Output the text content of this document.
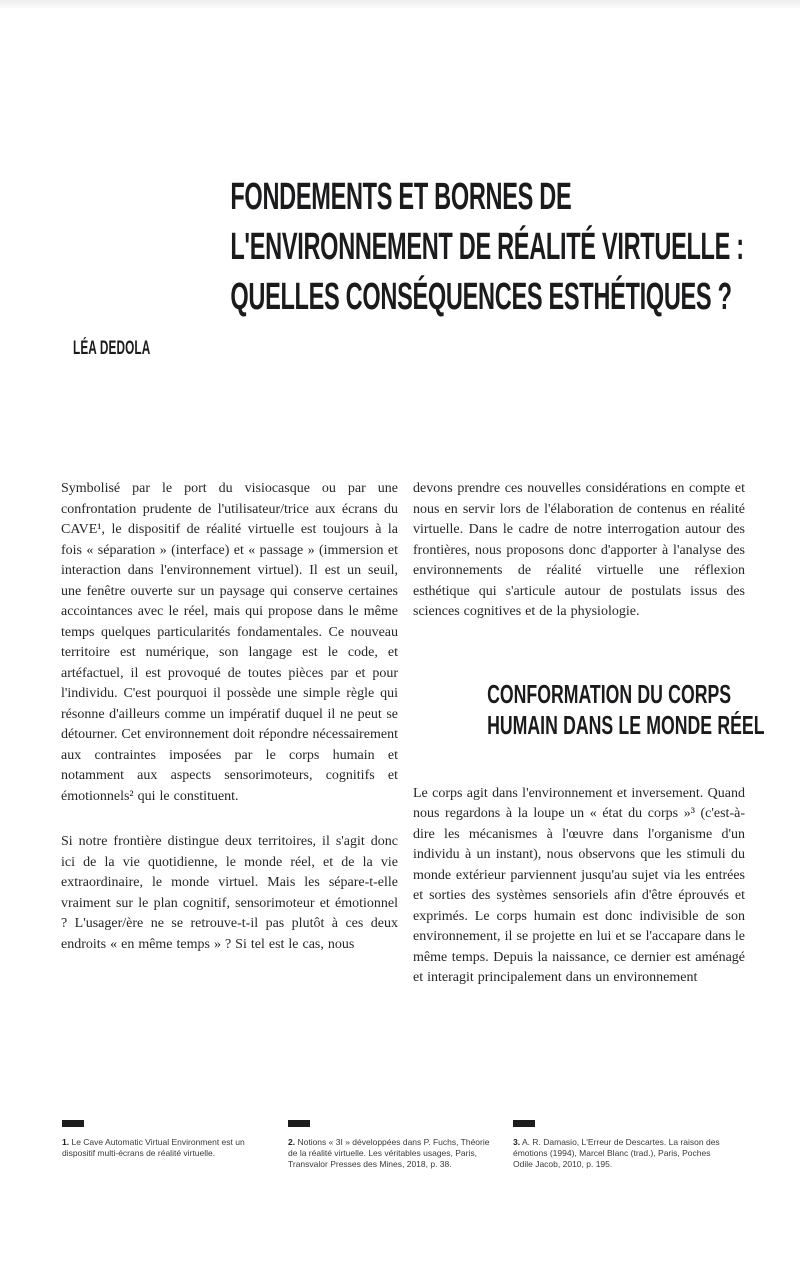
FONDEMENTS ET BORNES DE
L'ENVIRONNEMENT DE RÉALITÉ VIRTUELLE :
QUELLES CONSÉQUENCES ESTHÉTIQUES ?
LÉA DEDOLA

Symbolisé par le port du visiocasque ou par une confrontation prudente de l'utilisateur/trice aux écrans du CAVE¹, le dispositif de réalité virtuelle est toujours à la fois « séparation » (interface) et « passage » (immersion et interaction dans l'environnement virtuel). Il est un seuil, une fenêtre ouverte sur un paysage qui conserve certaines accointances avec le réel, mais qui propose dans le même temps quelques particularités fondamentales. Ce nouveau territoire est numérique, son langage est le code, et artéfactuel, il est provoqué de toutes pièces par et pour l'individu. C'est pourquoi il possède une simple règle qui résonne d'ailleurs comme un impératif duquel il ne peut se détourner. Cet environnement doit répondre nécessairement aux contraintes imposées par le corps humain et notamment aux aspects sensorimoteurs, cognitifs et émotionnels² qui le constituent.

Si notre frontière distingue deux territoires, il s'agit donc ici de la vie quotidienne, le monde réel, et de la vie extraordinaire, le monde virtuel. Mais les sépare-t-elle vraiment sur le plan cognitif, sensorimoteur et émotionnel ? L'usager/ère ne se retrouve-t-il pas plutôt à ces deux endroits « en même temps » ? Si tel est le cas, nous

devons prendre ces nouvelles considérations en compte et nous en servir lors de l'élaboration de contenus en réalité virtuelle. Dans le cadre de notre interrogation autour des frontières, nous proposons donc d'apporter à l'analyse des environnements de réalité virtuelle une réflexion esthétique qui s'articule autour de postulats issus des sciences cognitives et de la physiologie.

CONFORMATION DU CORPS
HUMAIN DANS LE MONDE RÉEL

Le corps agit dans l'environnement et inversement. Quand nous regardons à la loupe un « état du corps »³ (c'est-à-dire les mécanismes à l'œuvre dans l'organisme d'un individu à un instant), nous observons que les stimuli du monde extérieur parviennent jusqu'au sujet via les entrées et sorties des systèmes sensoriels afin d'être éprouvés et exprimés. Le corps humain est donc indivisible de son environnement, il se projette en lui et se l'accapare dans le même temps. Depuis la naissance, ce dernier est aménagé et interagit principalement dans un environnement

1. Le Cave Automatic Virtual Environment est un dispositif multi-écrans de réalité virtuelle.
2. Notions « 3I » développées dans P. Fuchs, Théorie de la réalité virtuelle. Les véritables usages, Paris, Transvalor Presses des Mines, 2018, p. 38.
3. A. R. Damasio, L'Erreur de Descartes. La raison des émotions (1994), Marcel Blanc (trad.), Paris, Poches Odile Jacob, 2010, p. 195.
